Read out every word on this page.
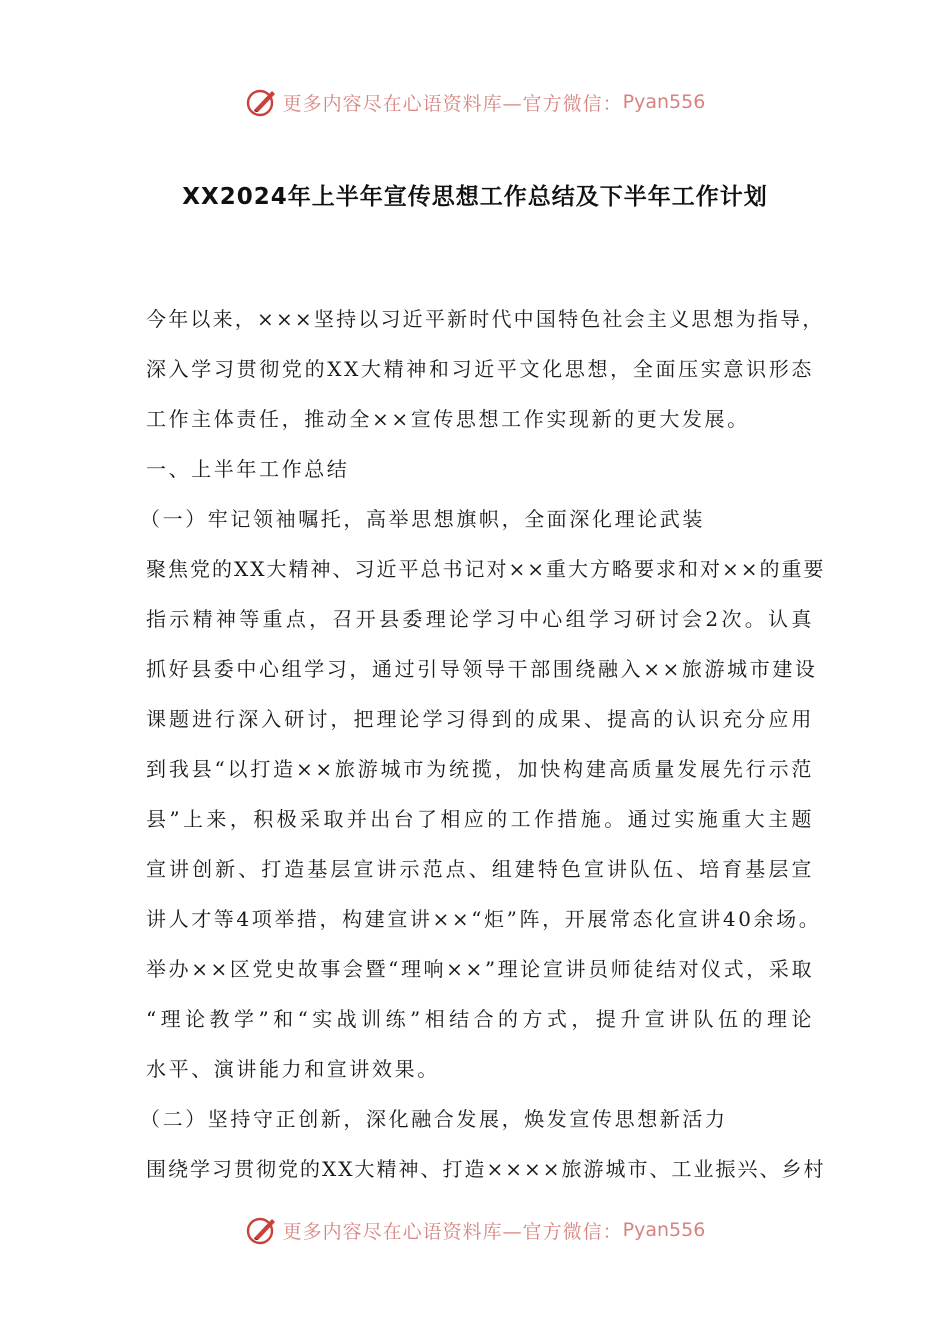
更多内容尽在心语资料库—官方微信： Pyan556
XX2024年上半年宣传思想工作总结及下半年工作计划
今年以来，×××坚持以习近平新时代中国特色社会主义思想为指导，
深入学习贯彻党的XX大精神和习近平文化思想，全面压实意识形态
工作主体责任，推动全××宣传思想工作实现新的更大发展。
一、上半年工作总结
（一）牢记领袖嘱托，高举思想旗帜，全面深化理论武装
聚焦党的XX大精神、习近平总书记对××重大方略要求和对××的重要
指示精神等重点，召开县委理论学习中心组学习研讨会2次。认真
抓好县委中心组学习，通过引导领导干部围绕融入××旅游城市建设
课题进行深入研讨，把理论学习得到的成果、提高的认识充分应用
到我县“以打造××旅游城市为统揽，加快构建高质量发展先行示范
县”上来，积极采取并出台了相应的工作措施。通过实施重大主题
宣讲创新、打造基层宣讲示范点、组建特色宣讲队伍、培育基层宣
讲人才等4项举措，构建宣讲××“炬”阵，开展常态化宣讲40余场。
举办××区党史故事会暨“理响××”理论宣讲员师徒结对仪式，采取
“理论教学”和“实战训练”相结合的方式，提升宣讲队伍的理论
水平、演讲能力和宣讲效果。
（二）坚持守正创新，深化融合发展，焕发宣传思想新活力
围绕学习贯彻党的XX大精神、打造××××旅游城市、工业振兴、乡村
更多内容尽在心语资料库—官方微信： Pyan556
